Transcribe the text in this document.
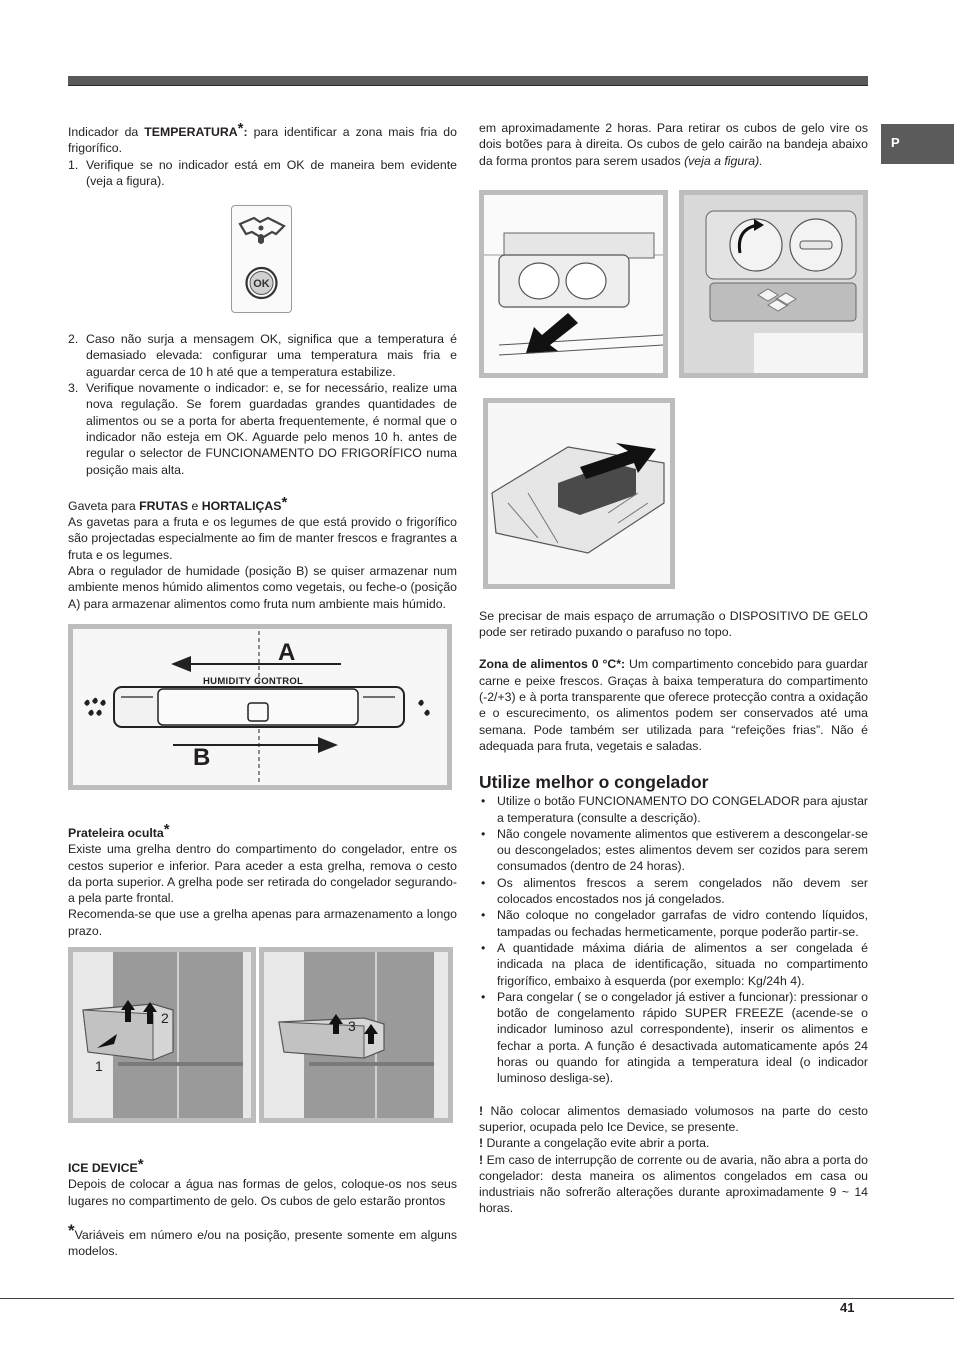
P

Indicador da TEMPERATURA*: para identificar a zona mais fria do frigorífico.

1. Verifique se no indicador está em OK de maneira bem evidente (veja a figura).
2. Caso não surja a mensagem OK, significa que a temperatura é demasiado elevada: configurar uma temperatura mais fria e aguardar cerca de 10 h até que a temperatura estabilize.
3. Verifique novamente o indicador: e, se for necessário, realize uma nova regulação. Se forem guardadas grandes quantidades de alimentos ou se a porta for aberta frequentemente, é normal que o indicador não esteja em OK. Aguarde pelo menos 10 h. antes de regular o selector de FUNCIONAMENTO DO FRIGORÍFICO numa posição mais alta.

Gaveta para FRUTAS e HORTALIÇAS*

As gavetas para a fruta e os legumes de que está provido o frigorífico são projectadas especialmente ao fim de manter frescos e fragrantes a fruta e os legumes.

Abra o regulador de humidade (posição B) se quiser armazenar num ambiente menos húmido alimentos como vegetais, ou feche-o (posição A) para armazenar alimentos como fruta num ambiente mais húmido.

Prateleira oculta*

Existe uma grelha dentro do compartimento do congelador, entre os cestos superior e inferior. Para aceder a esta grelha, remova o cesto da porta superior. A grelha pode ser retirada do congelador segurando-a pela parte frontal.

Recomenda-se que use a grelha apenas para armazenamento a longo prazo.

ICE DEVICE*

Depois de colocar a água nas formas de gelos, coloque-os nos seus lugares no compartimento de gelo. Os cubos de gelo estarão prontos

*Variáveis em número e/ou na posição, presente somente em alguns modelos.

OK
HUMIDITY CONTROL
A
B
2
1
3

em aproximadamente 2 horas. Para retirar os cubos de gelo vire os dois botões para à direita. Os cubos de gelo cairão na bandeja abaixo da forma prontos para serem usados (veja a figura).

Se precisar de mais espaço de arrumação o DISPOSITIVO DE GELO pode ser retirado puxando o parafuso no topo.

Zona de alimentos 0 °C*: Um compartimento concebido para guardar carne e peixe frescos. Graças à baixa temperatura do compartimento (-2/+3) e à porta transparente que oferece protecção contra a oxidação e o escurecimento, os alimentos podem ser conservados até uma semana. Pode também ser utilizada para “refeições frias”. Não é adequada para fruta, vegetais e saladas.

Utilize melhor o congelador
• Utilize o botão FUNCIONAMENTO DO CONGELADOR para ajustar a temperatura (consulte a descrição).
• Não congele novamente alimentos que estiverem a descongelar-se ou descongelados; estes alimentos devem ser cozidos para serem consumados (dentro de 24 horas).
• Os alimentos frescos a serem congelados não devem ser colocados encostados nos já congelados.
• Não coloque no congelador garrafas de vidro contendo líquidos, tampadas ou fechadas hermeticamente, porque poderão partir-se.
• A quantidade máxima diária de alimentos a ser congelada é indicada na placa de identificação, situada no compartimento frigorífico, embaixo à esquerda (por exemplo: Kg/24h 4).
• Para congelar ( se o congelador já estiver a funcionar): pressionar o botão de congelamento rápido SUPER FREEZE (acende-se o indicador luminoso azul correspondente), inserir os alimentos e fechar a porta. A função é desactivada automaticamente após 24 horas ou quando for atingida a temperatura ideal (o indicador luminoso desliga-se).

! Não colocar alimentos demasiado volumosos na parte do cesto superior, ocupada pelo Ice Device, se presente.

! Durante a congelação evite abrir a porta.

! Em caso de interrupção de corrente ou de avaria, não abra a porta do congelador: desta maneira os alimentos congelados em casa ou industriais não sofrerão alterações durante aproximadamente 9 ~ 14 horas.

41
